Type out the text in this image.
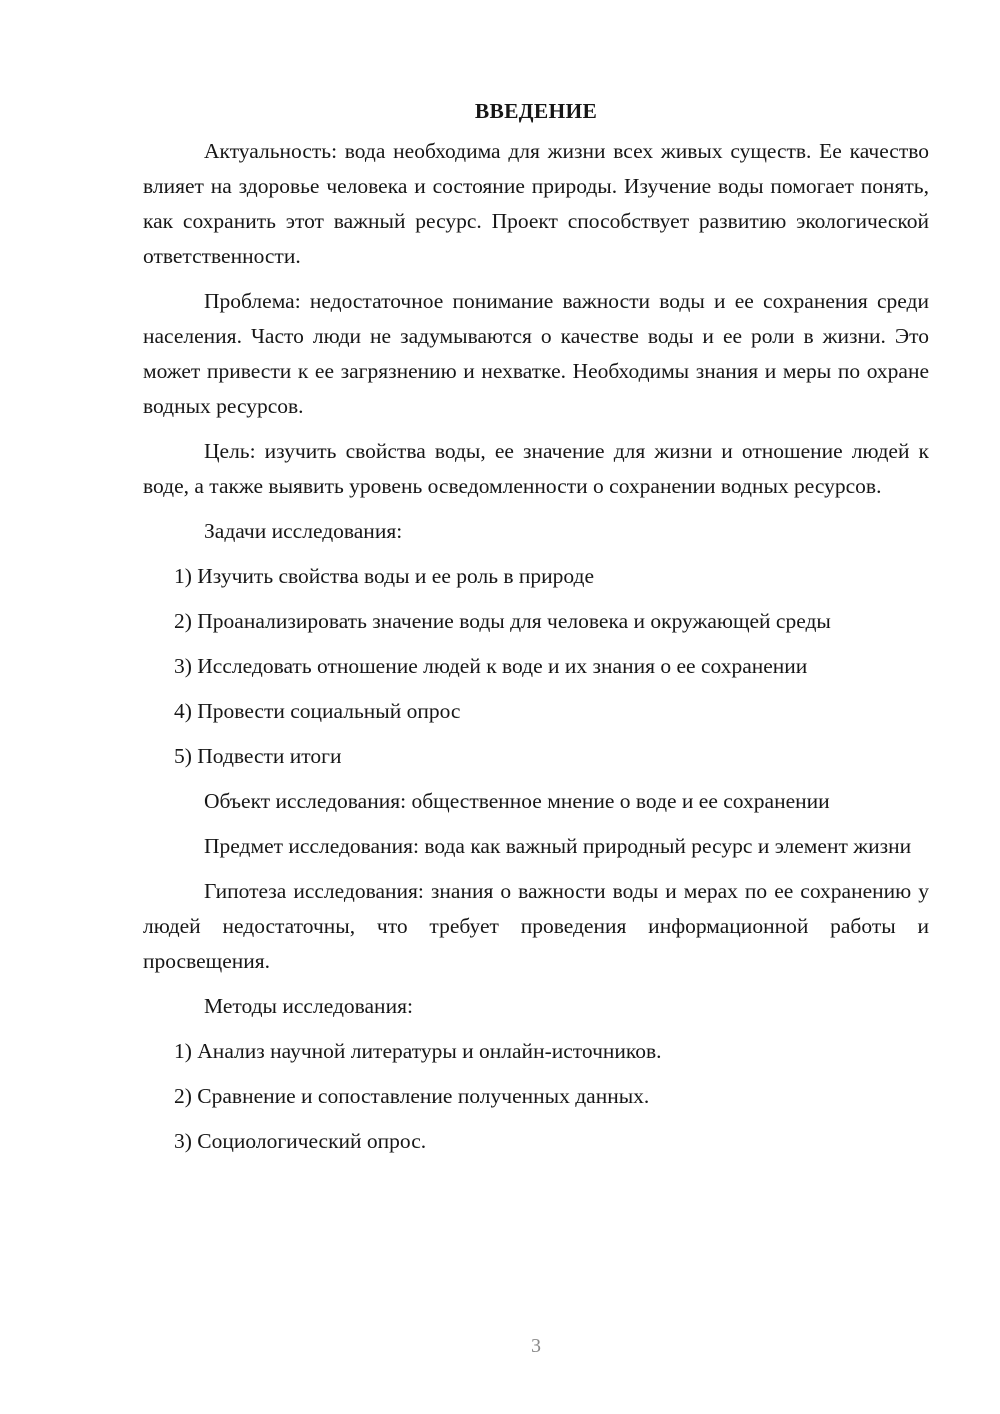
ВВЕДЕНИЕ

Актуальность: вода необходима для жизни всех живых существ. Ее качество влияет на здоровье человека и состояние природы. Изучение воды помогает понять, как сохранить этот важный ресурс. Проект способствует развитию экологической ответственности.

Проблема: недостаточное понимание важности воды и ее сохранения среди населения. Часто люди не задумываются о качестве воды и ее роли в жизни. Это может привести к ее загрязнению и нехватке. Необходимы знания и меры по охране водных ресурсов.

Цель: изучить свойства воды, ее значение для жизни и отношение людей к воде, а также выявить уровень осведомленности о сохранении водных ресурсов.

Задачи исследования:

1) Изучить свойства воды и ее роль в природе

2) Проанализировать значение воды для человека и окружающей среды

3) Исследовать отношение людей к воде и их знания о ее сохранении

4) Провести социальный опрос

5) Подвести итоги

Объект исследования: общественное мнение о воде и ее сохранении

Предмет исследования: вода как важный природный ресурс и элемент жизни

Гипотеза исследования: знания о важности воды и мерах по ее сохранению у людей недостаточны, что требует проведения информационной работы и просвещения.

Методы исследования:

1) Анализ научной литературы и онлайн-источников.

2) Сравнение и сопоставление полученных данных.

3) Социологический опрос.

3
